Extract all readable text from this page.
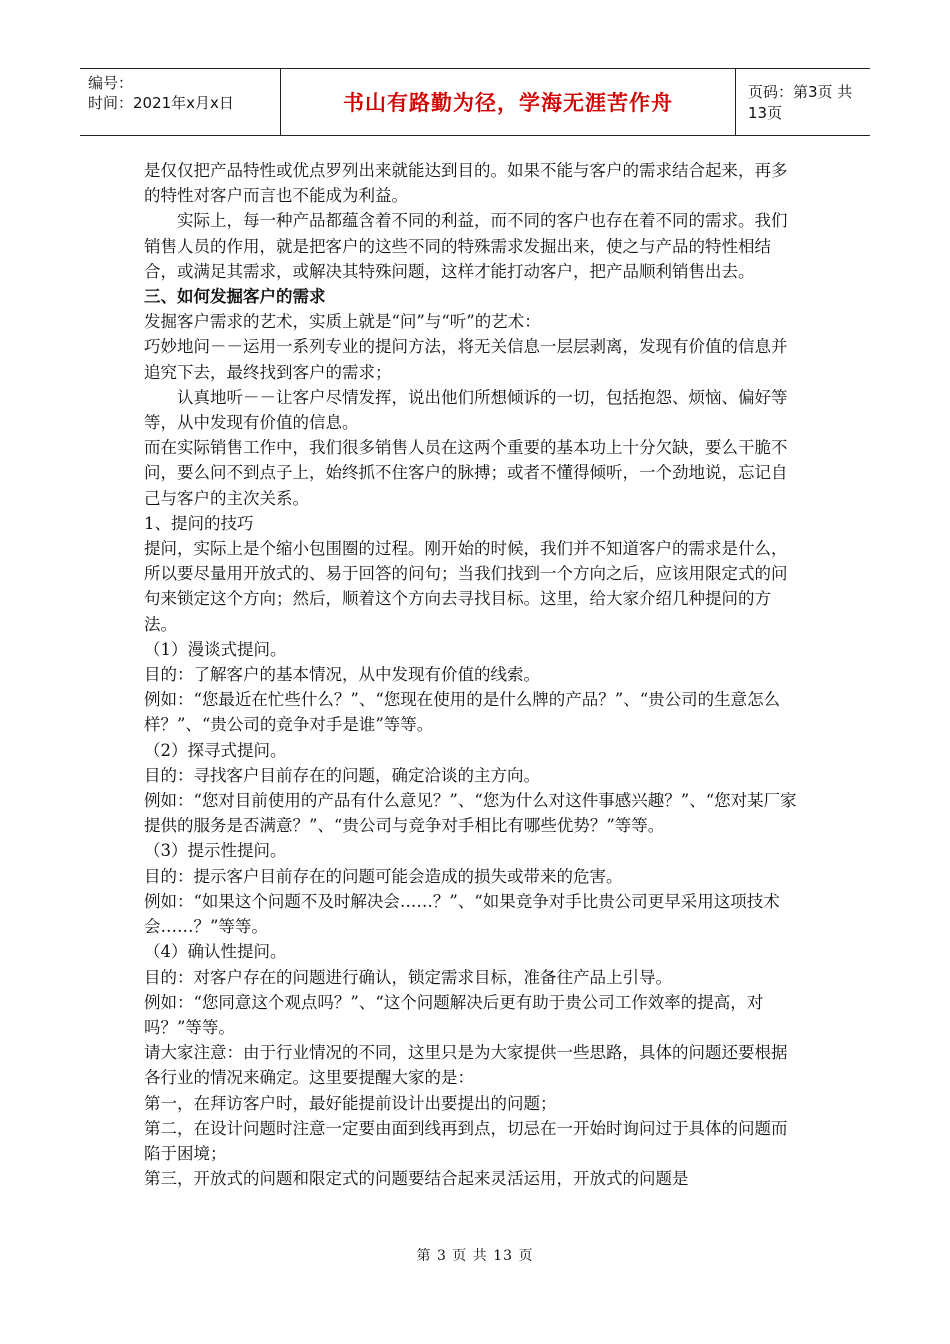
编号：
时间：2021年x月x日	书山有路勤为径，学海无涯苦作舟	页码：第3页 共13页

是仅仅把产品特性或优点罗列出来就能达到目的。如果不能与客户的需求结合起来，再多的特性对客户而言也不能成为利益。

实际上，每一种产品都蕴含着不同的利益，而不同的客户也存在着不同的需求。我们销售人员的作用，就是把客户的这些不同的特殊需求发掘出来，使之与产品的特性相结合，或满足其需求，或解决其特殊问题，这样才能打动客户，把产品顺利销售出去。

三、如何发掘客户的需求

发掘客户需求的艺术，实质上就是“问”与“听”的艺术：

巧妙地问－－运用一系列专业的提问方法，将无关信息一层层剥离，发现有价值的信息并追究下去，最终找到客户的需求；

认真地听－－让客户尽情发挥，说出他们所想倾诉的一切，包括抱怨、烦恼、偏好等等，从中发现有价值的信息。

而在实际销售工作中，我们很多销售人员在这两个重要的基本功上十分欠缺，要么干脆不问，要么问不到点子上，始终抓不住客户的脉搏；或者不懂得倾听，一个劲地说，忘记自己与客户的主次关系。

1、提问的技巧

提问，实际上是个缩小包围圈的过程。刚开始的时候，我们并不知道客户的需求是什么，所以要尽量用开放式的、易于回答的问句；当我们找到一个方向之后，应该用限定式的问句来锁定这个方向；然后，顺着这个方向去寻找目标。这里，给大家介绍几种提问的方法。

（1）漫谈式提问。

目的：了解客户的基本情况，从中发现有价值的线索。

例如：“您最近在忙些什么？”、“您现在使用的是什么牌的产品？”、“贵公司的生意怎么样？”、“贵公司的竞争对手是谁”等等。

（2）探寻式提问。

目的：寻找客户目前存在的问题，确定洽谈的主方向。

例如：“您对目前使用的产品有什么意见？”、“您为什么对这件事感兴趣？”、“您对某厂家提供的服务是否满意？”、“贵公司与竞争对手相比有哪些优势？”等等。

（3）提示性提问。

目的：提示客户目前存在的问题可能会造成的损失或带来的危害。

例如：“如果这个问题不及时解决会……？”、“如果竞争对手比贵公司更早采用这项技术会……？”等等。

（4）确认性提问。

目的：对客户存在的问题进行确认，锁定需求目标，准备往产品上引导。

例如：“您同意这个观点吗？”、“这个问题解决后更有助于贵公司工作效率的提高，对吗？”等等。

请大家注意：由于行业情况的不同，这里只是为大家提供一些思路，具体的问题还要根据各行业的情况来确定。这里要提醒大家的是：

第一，在拜访客户时，最好能提前设计出要提出的问题；

第二，在设计问题时注意一定要由面到线再到点，切忌在一开始时询问过于具体的问题而陷于困境；

第三，开放式的问题和限定式的问题要结合起来灵活运用，开放式的问题是

第 3 页 共 13 页
